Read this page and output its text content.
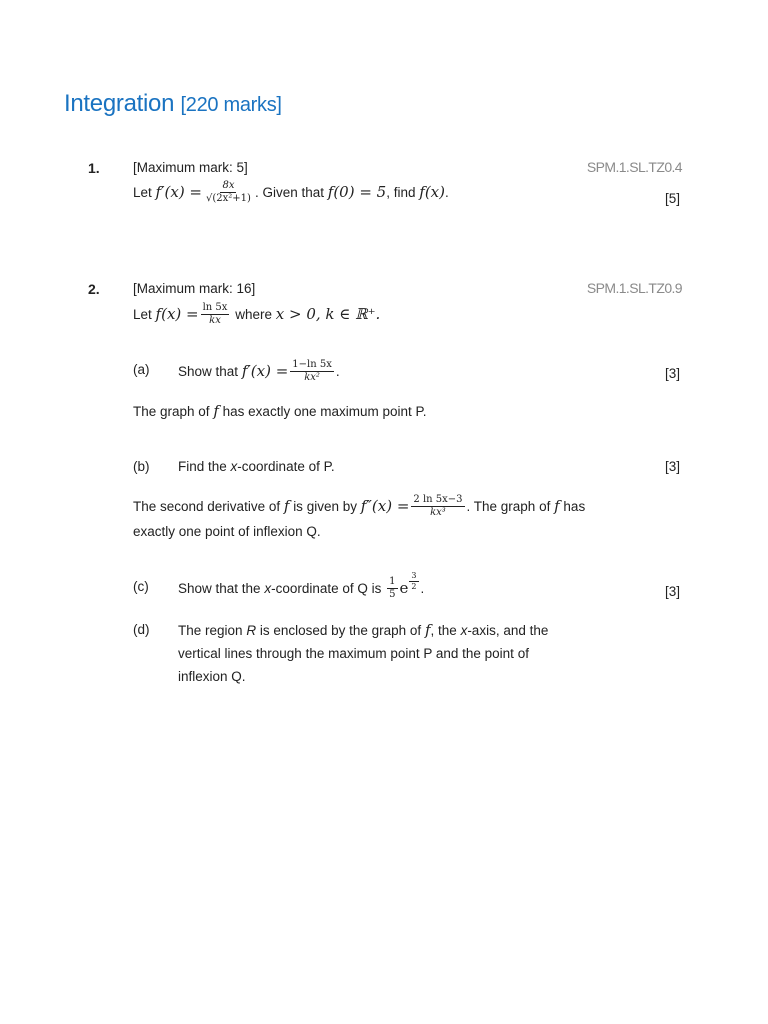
Integration [220 marks]
1. [Maximum mark: 5]	SPM.1.SL.TZ0.4
Let
$f'(x) = \frac{8x}{\text{√(2x²+1)}}$ . Given that
f(0) = 5 , find
f(x) .	[5]
2. [Maximum mark: 16]	SPM.1.SL.TZ0.9
Let
$f(x) = \frac{\ln 5x}{kx}$
where
x > 0, k ∈ ℝ⁺.
(a) Show that
$f'(x) = \frac{1-\ln 5x}{\text{kx²}}$ .	[3]
The graph of
f
has exactly one maximum point P.
(b) Find the
x -coordinate of P.	[3]
The second derivative of
f
is given by
$f''(x) = \frac{2 \ln 5x-3}{\text{kx³}}$ . The graph of
f
has
exactly one point of inflexion Q.
(c) Show that the
x -coordinate of Q is
$\frac{1}{5}$ e $\frac{3}{2}$ .	[3]
(d) The region
R
is enclosed by the graph of
f , the
x -axis, and the
vertical lines through the maximum point P and the point of
inflexion Q.
